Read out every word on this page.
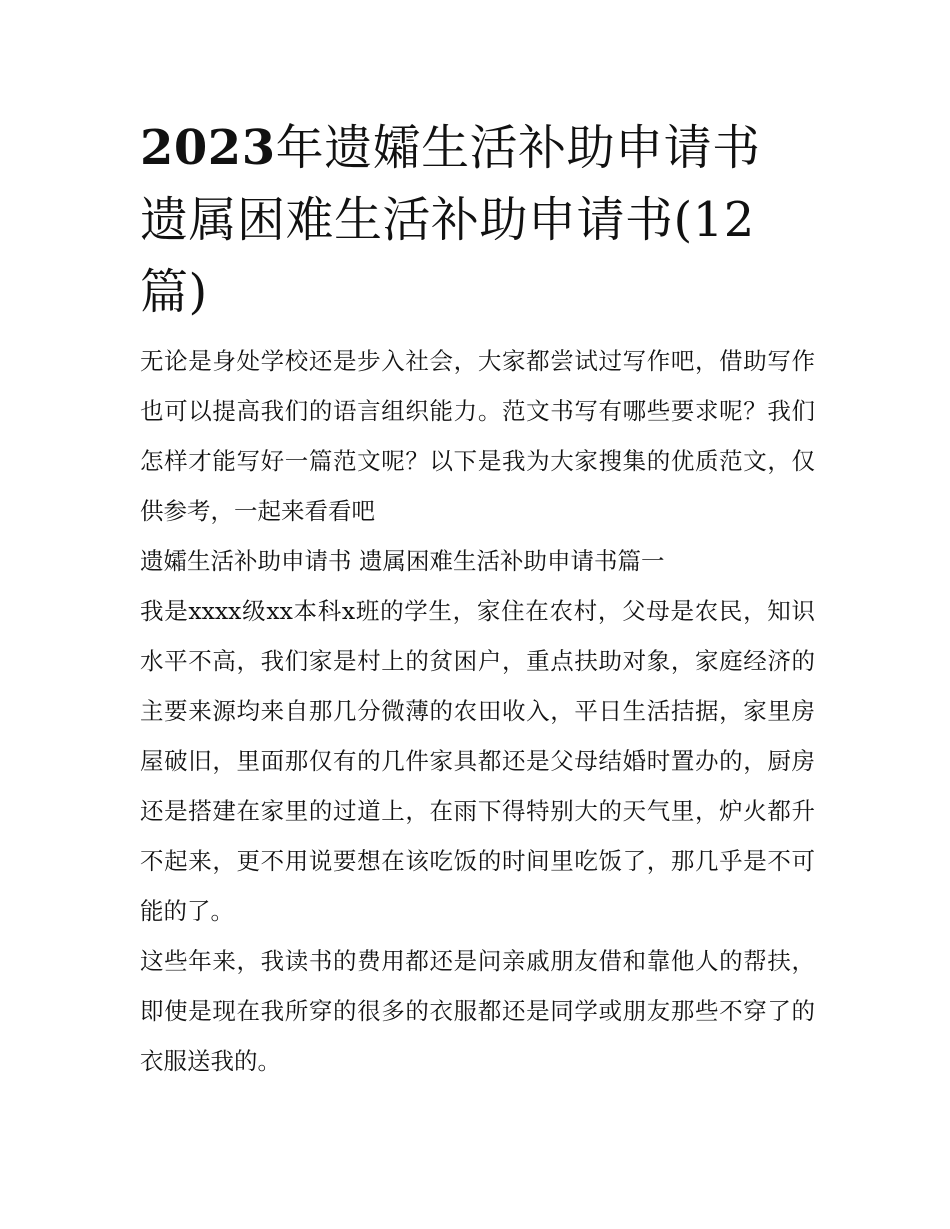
2023年遗孀生活补助申请书
遗属困难生活补助申请书(12
篇)

无论是身处学校还是步入社会，大家都尝试过写作吧，借助写作也可以提高我们的语言组织能力。范文书写有哪些要求呢？我们怎样才能写好一篇范文呢？以下是我为大家搜集的优质范文，仅供参考，一起来看看吧

遗孀生活补助申请书 遗属困难生活补助申请书篇一

我是xxxx级xx本科x班的学生，家住在农村，父母是农民，知识水平不高，我们家是村上的贫困户，重点扶助对象，家庭经济的主要来源均来自那几分微薄的农田收入，平日生活拮据，家里房屋破旧，里面那仅有的几件家具都还是父母结婚时置办的，厨房还是搭建在家里的过道上，在雨下得特别大的天气里，炉火都升不起来，更不用说要想在该吃饭的时间里吃饭了，那几乎是不可能的了。

这些年来，我读书的费用都还是问亲戚朋友借和靠他人的帮扶，即使是现在我所穿的很多的衣服都还是同学或朋友那些不穿了的衣服送我的。
